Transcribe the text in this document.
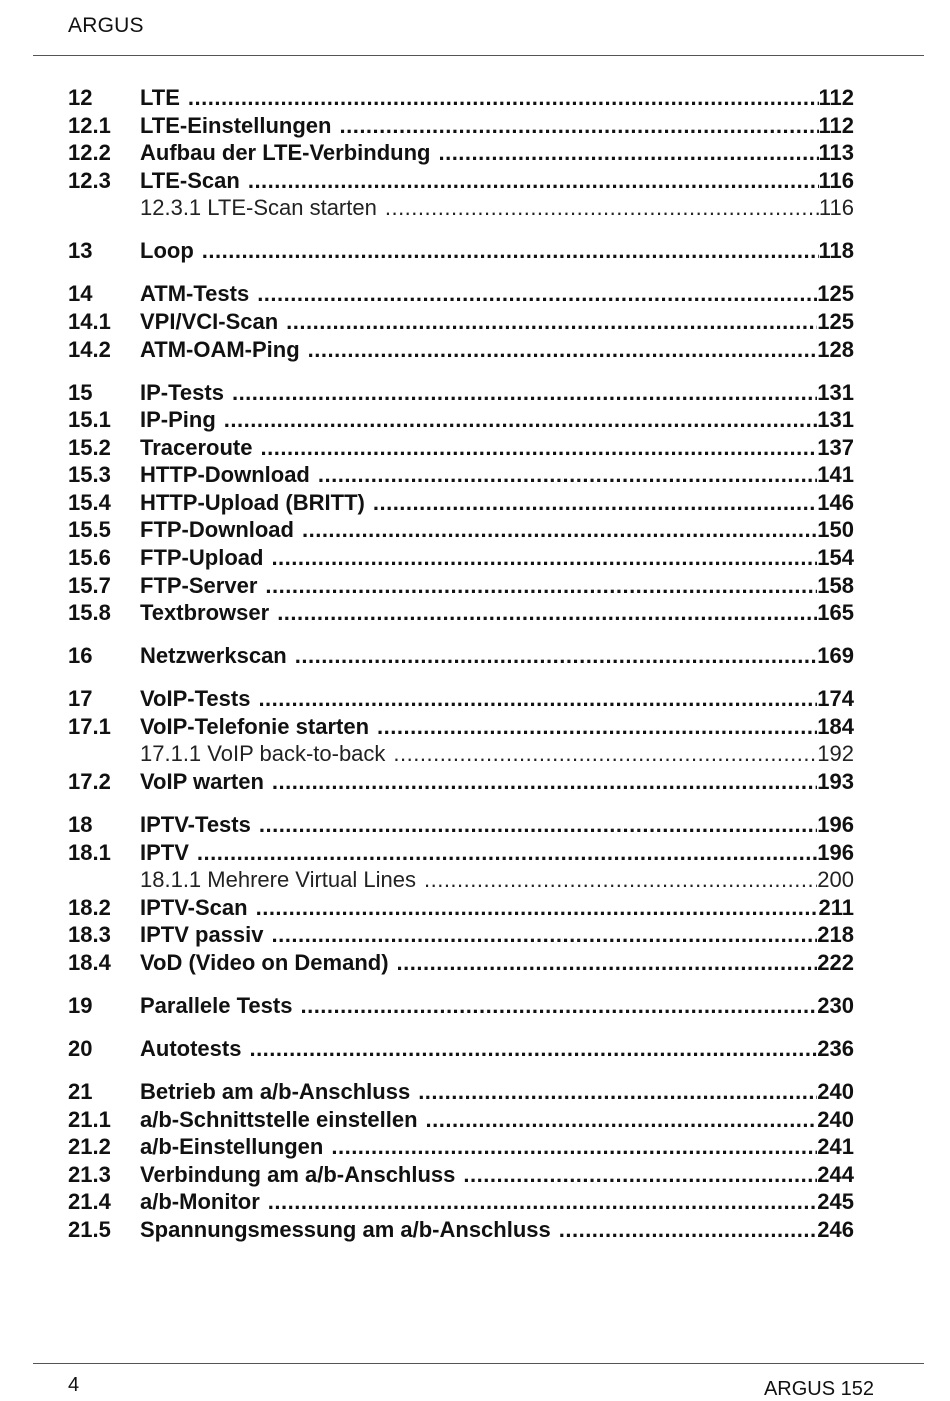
ARGUS
12	LTE .....	112
12.1	LTE-Einstellungen .....	112
12.2	Aufbau der LTE-Verbindung .....	113
12.3	LTE-Scan .....	116
12.3.1 LTE-Scan starten .....	116
13	Loop .....	118
14	ATM-Tests .....	125
14.1	VPI/VCI-Scan .....	125
14.2	ATM-OAM-Ping .....	128
15	IP-Tests .....	131
15.1	IP-Ping .....	131
15.2	Traceroute .....	137
15.3	HTTP-Download .....	141
15.4	HTTP-Upload (BRITT) .....	146
15.5	FTP-Download .....	150
15.6	FTP-Upload .....	154
15.7	FTP-Server .....	158
15.8	Textbrowser .....	165
16	Netzwerkscan .....	169
17	VoIP-Tests .....	174
17.1	VoIP-Telefonie starten .....	184
17.1.1 VoIP back-to-back .....	192
17.2	VoIP warten .....	193
18	IPTV-Tests .....	196
18.1	IPTV .....	196
18.1.1 Mehrere Virtual Lines .....	200
18.2	IPTV-Scan .....	211
18.3	IPTV passiv .....	218
18.4	VoD (Video on Demand) .....	222
19	Parallele Tests .....	230
20	Autotests .....	236
21	Betrieb am a/b-Anschluss .....	240
21.1	a/b-Schnittstelle einstellen .....	240
21.2	a/b-Einstellungen .....	241
21.3	Verbindung am a/b-Anschluss .....	244
21.4	a/b-Monitor .....	245
21.5	Spannungsmessung am a/b-Anschluss .....	246
4	ARGUS 152
